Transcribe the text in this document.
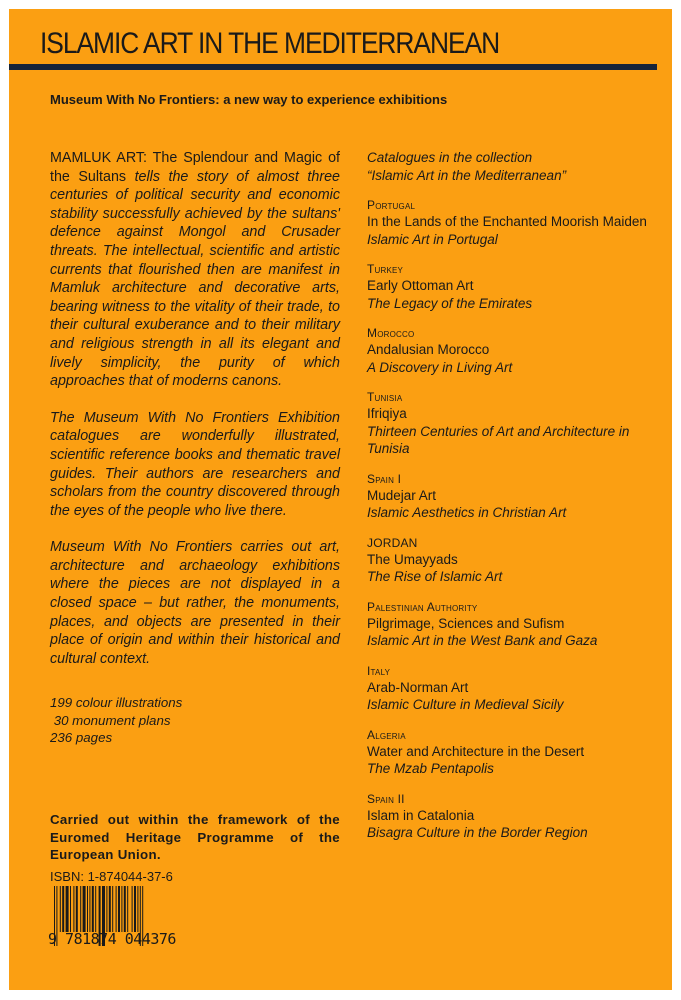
ISLAMIC ART IN THE MEDITERRANEAN
Museum With No Frontiers: a new way to experience exhibitions

MAMLUK ART: The Splendour and Magic of the Sultans tells the story of almost three centuries of political security and economic stability successfully achieved by the sultans' defence against Mongol and Crusader threats. The intellectual, scientific and artistic currents that flourished then are manifest in Mamluk architecture and decorative arts, bearing witness to the vitality of their trade, to their cultural exuberance and to their military and religious strength in all its elegant and lively simplicity, the purity of which approaches that of moderns canons.

The Museum With No Frontiers Exhibition catalogues are wonderfully illustrated, scientific reference books and thematic travel guides. Their authors are researchers and scholars from the country discovered through the eyes of the people who live there.

Museum With No Frontiers carries out art, architecture and archaeology exhibitions where the pieces are not displayed in a closed space – but rather, the monuments, places, and objects are presented in their place of origin and within their historical and cultural context.

199 colour illustrations
30 monument plans
236 pages
Carried out within the framework of the Euromed Heritage Programme of the European Union.
ISBN: 1-874044-37-6
9 781874 044376
Catalogues in the collection
“Islamic Art in the Mediterranean”
Portugal
In the Lands of the Enchanted Moorish Maiden
Islamic Art in Portugal
Turkey
Early Ottoman Art
The Legacy of the Emirates
Morocco
Andalusian Morocco
A Discovery in Living Art
Tunisia
Ifriqiya
Thirteen Centuries of Art and Architecture in Tunisia
Spain I
Mudejar Art
Islamic Aesthetics in Christian Art
JORDAN
The Umayyads
The Rise of Islamic Art
Palestinian Authority
Pilgrimage, Sciences and Sufism
Islamic Art in the West Bank and Gaza
Italy
Arab-Norman Art
Islamic Culture in Medieval Sicily
Algeria
Water and Architecture in the Desert
The Mzab Pentapolis
Spain II
Islam in Catalonia
Bisagra Culture in the Border Region
